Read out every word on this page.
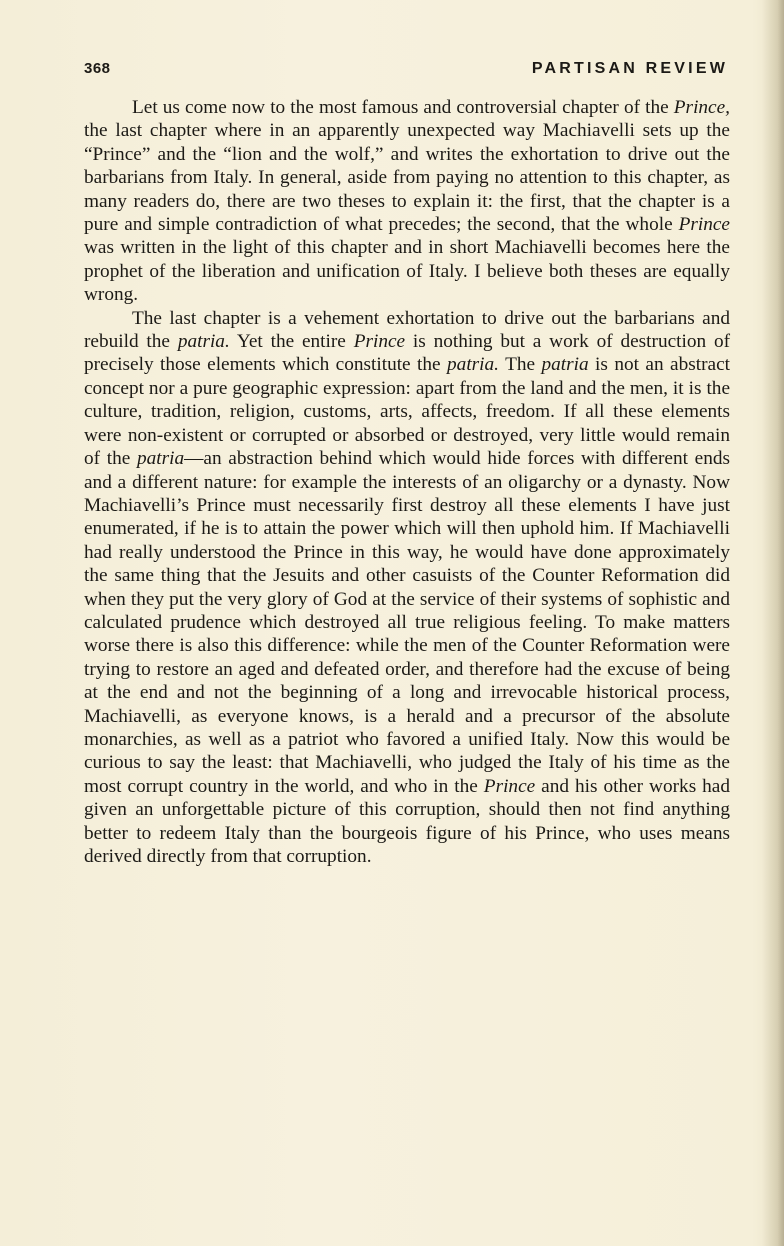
368	PARTISAN REVIEW

Let us come now to the most famous and controversial chapter of the Prince, the last chapter where in an apparently unexpected way Machiavelli sets up the “Prince” and the “lion and the wolf,” and writes the exhortation to drive out the barbarians from Italy. In general, aside from paying no attention to this chapter, as many readers do, there are two theses to explain it: the first, that the chapter is a pure and simple contradiction of what precedes; the second, that the whole Prince was written in the light of this chapter and in short Machiavelli becomes here the prophet of the liberation and unification of Italy. I believe both theses are equally wrong.

The last chapter is a vehement exhortation to drive out the barbarians and rebuild the patria. Yet the entire Prince is nothing but a work of destruction of precisely those elements which constitute the patria. The patria is not an abstract concept nor a pure geographic expression: apart from the land and the men, it is the culture, tradition, religion, customs, arts, affects, freedom. If all these elements were non-existent or corrupted or absorbed or destroyed, very little would remain of the patria—an abstraction behind which would hide forces with different ends and a different nature: for example the interests of an oligarchy or a dynasty. Now Machiavelli’s Prince must necessarily first destroy all these elements I have just enumerated, if he is to attain the power which will then uphold him. If Machiavelli had really understood the Prince in this way, he would have done approximately the same thing that the Jesuits and other casuists of the Counter Reformation did when they put the very glory of God at the service of their systems of sophistic and calculated prudence which destroyed all true religious feeling. To make matters worse there is also this difference: while the men of the Counter Reformation were trying to restore an aged and defeated order, and therefore had the excuse of being at the end and not the beginning of a long and irrevocable historical process, Machiavelli, as everyone knows, is a herald and a precursor of the absolute monarchies, as well as a patriot who favored a unified Italy. Now this would be curious to say the least: that Machiavelli, who judged the Italy of his time as the most corrupt country in the world, and who in the Prince and his other works had given an unforgettable picture of this corruption, should then not find anything better to redeem Italy than the bourgeois figure of his Prince, who uses means derived directly from that corruption.
